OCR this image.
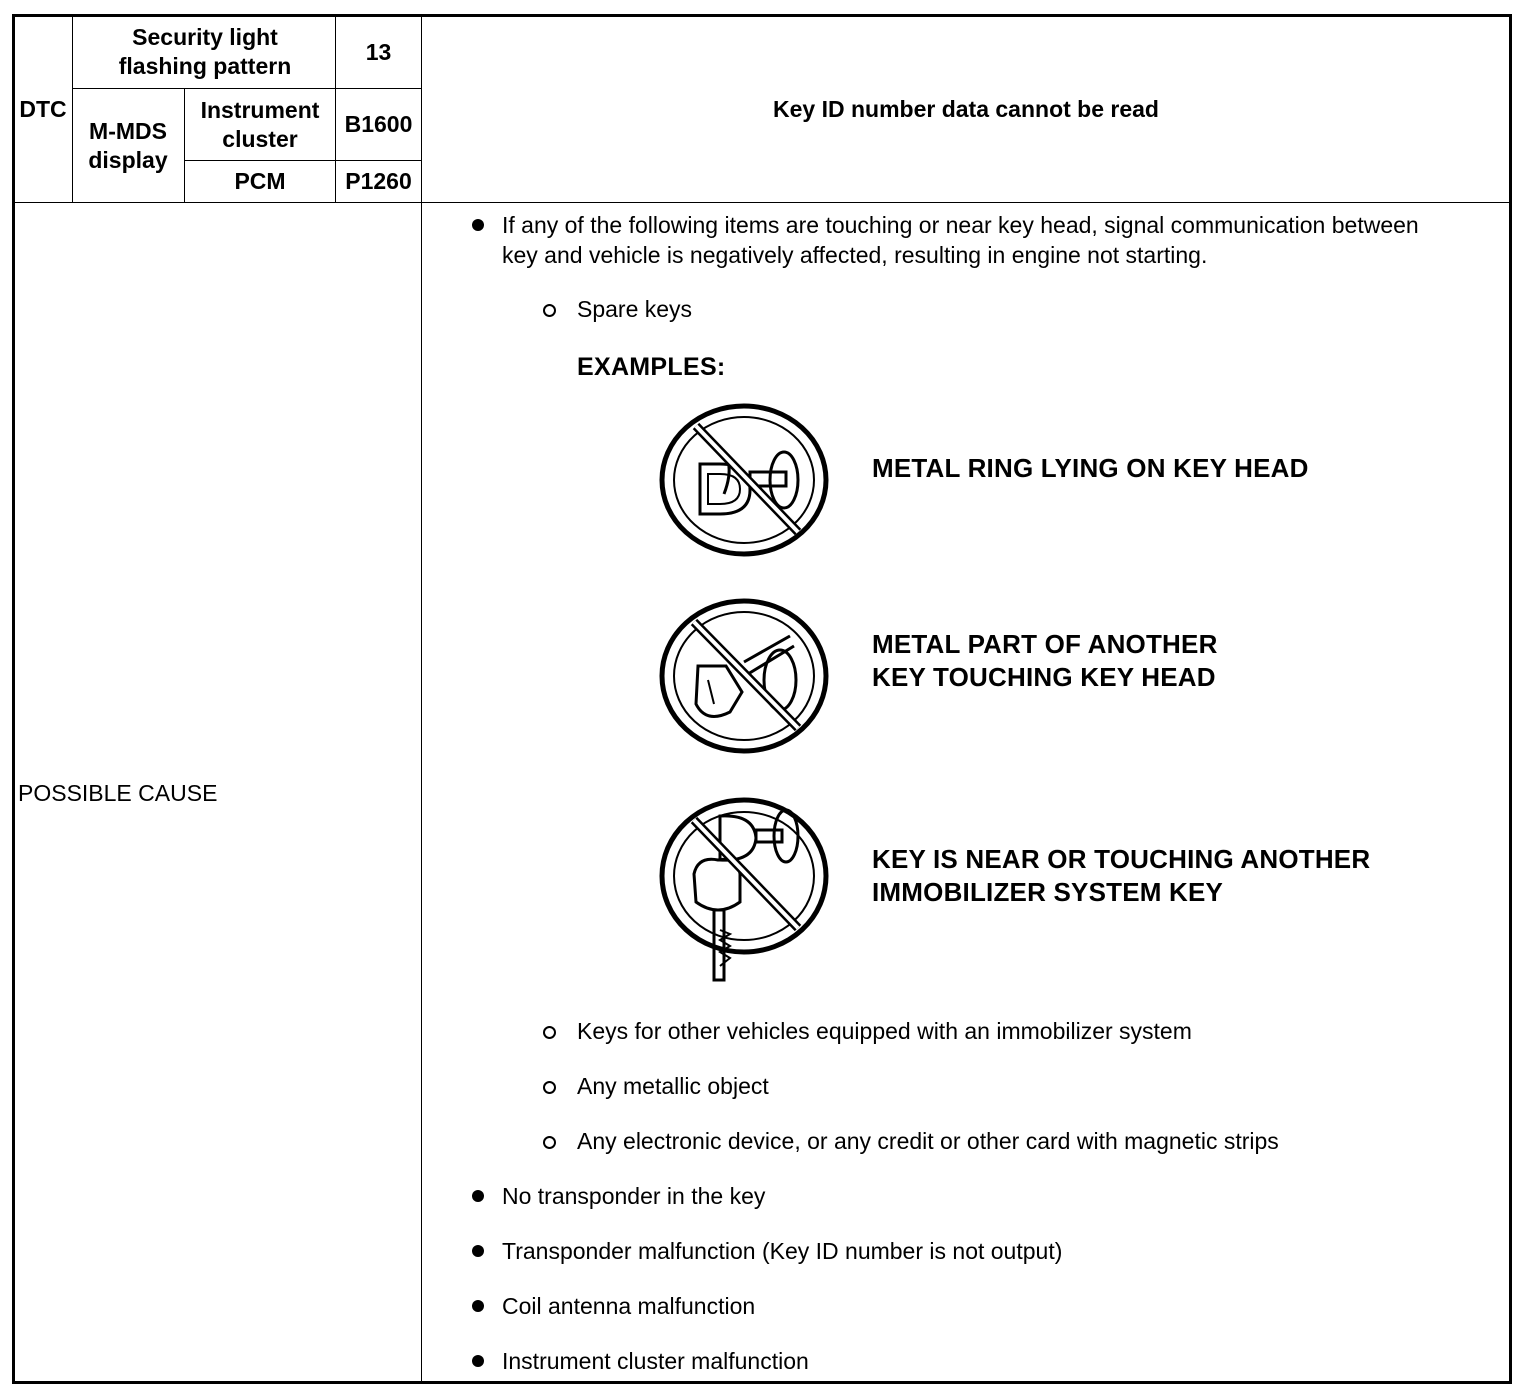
DTC
Security light flashing pattern
13
M-MDS display
Instrument cluster
B1600
PCM	P1260
Key ID number data cannot be read
POSSIBLE CAUSE
If any of the following items are touching or near key head, signal communication between key and vehicle is negatively affected, resulting in engine not starting.
Spare keys
EXAMPLES:
METAL RING LYING ON KEY HEAD
METAL PART OF ANOTHER KEY TOUCHING KEY HEAD
KEY IS NEAR OR TOUCHING ANOTHER IMMOBILIZER SYSTEM KEY
Keys for other vehicles equipped with an immobilizer system
Any metallic object
Any electronic device, or any credit or other card with magnetic strips
No transponder in the key
Transponder malfunction (Key ID number is not output)
Coil antenna malfunction
Instrument cluster malfunction
